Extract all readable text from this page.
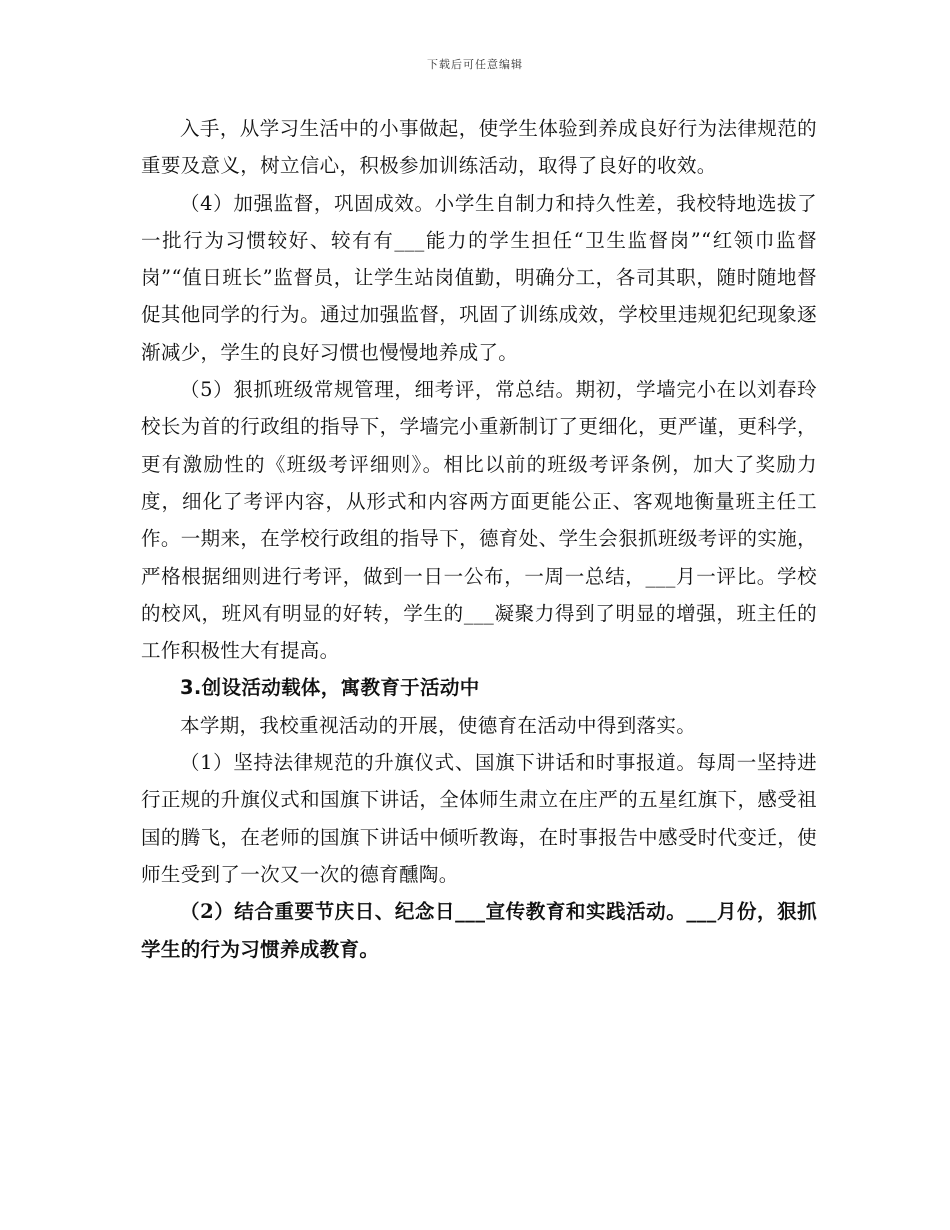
下载后可任意编辑

入手，从学习生活中的小事做起，使学生体验到养成良好行为法律规范的重要及意义，树立信心，积极参加训练活动，取得了良好的收效。

（4）加强监督，巩固成效。小学生自制力和持久性差，我校特地选拔了一批行为习惯较好、较有有___能力的学生担任“卫生监督岗”“红领巾监督岗”“值日班长”监督员，让学生站岗值勤，明确分工，各司其职，随时随地督促其他同学的行为。通过加强监督，巩固了训练成效，学校里违规犯纪现象逐渐减少，学生的良好习惯也慢慢地养成了。

（5）狠抓班级常规管理，细考评，常总结。期初，学墙完小在以刘春玲校长为首的行政组的指导下，学墙完小重新制订了更细化，更严谨，更科学，更有激励性的《班级考评细则》。相比以前的班级考评条例，加大了奖励力度，细化了考评内容，从形式和内容两方面更能公正、客观地衡量班主任工作。一期来，在学校行政组的指导下，德育处、学生会狠抓班级考评的实施，严格根据细则进行考评，做到一日一公布，一周一总结，___月一评比。学校的校风，班风有明显的好转，学生的___凝聚力得到了明显的增强，班主任的工作积极性大有提高。

3.创设活动载体，寓教育于活动中

本学期，我校重视活动的开展，使德育在活动中得到落实。

（1）坚持法律规范的升旗仪式、国旗下讲话和时事报道。每周一坚持进行正规的升旗仪式和国旗下讲话，全体师生肃立在庄严的五星红旗下，感受祖国的腾飞，在老师的国旗下讲话中倾听教诲，在时事报告中感受时代变迁，使师生受到了一次又一次的德育醺陶。

（2）结合重要节庆日、纪念日___宣传教育和实践活动。___月份，狠抓学生的行为习惯养成教育。
